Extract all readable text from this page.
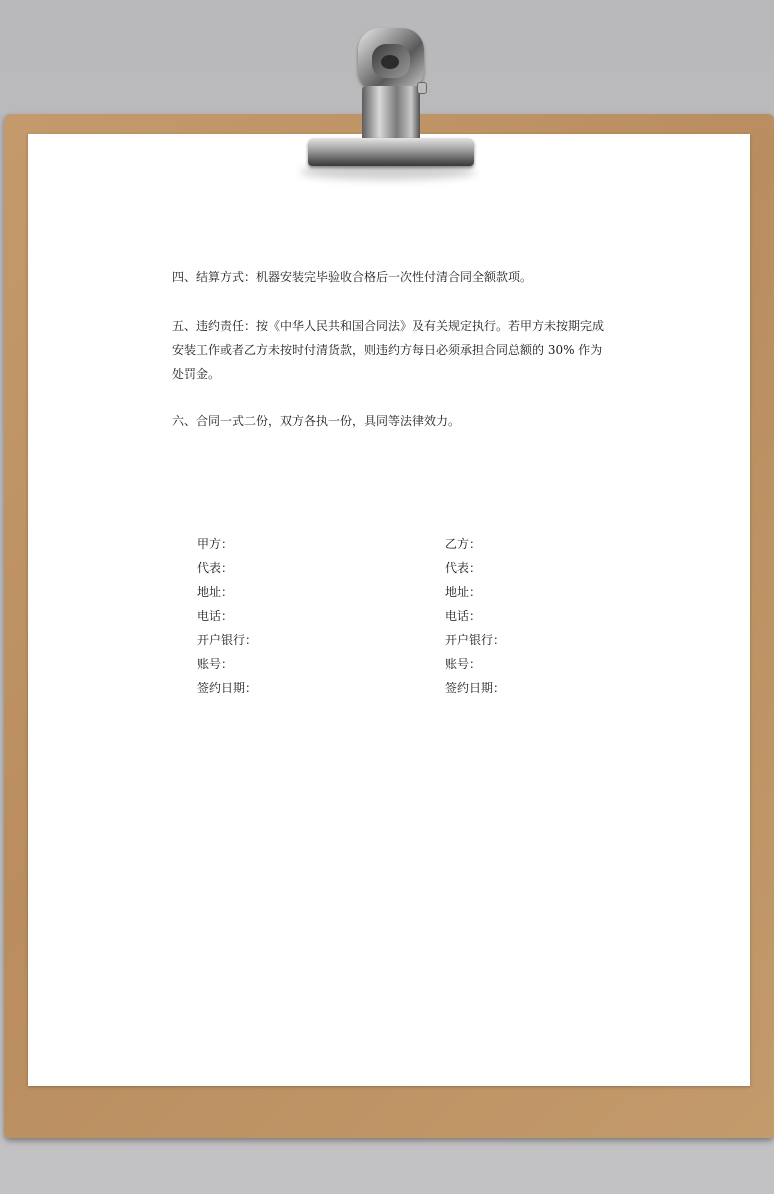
四、结算方式：机器安装完毕验收合格后一次性付清合同全额款项。

五、违约责任：按《中华人民共和国合同法》及有关规定执行。若甲方未按期完成安装工作或者乙方未按时付清货款，则违约方每日必须承担合同总额的 30% 作为处罚金。

六、合同一式二份，双方各执一份，具同等法律效力。

甲方：
代表：
地址：
电话：
开户银行：
账号：
签约日期：
乙方：
代表：
地址：
电话：
开户银行：
账号：
签约日期：
